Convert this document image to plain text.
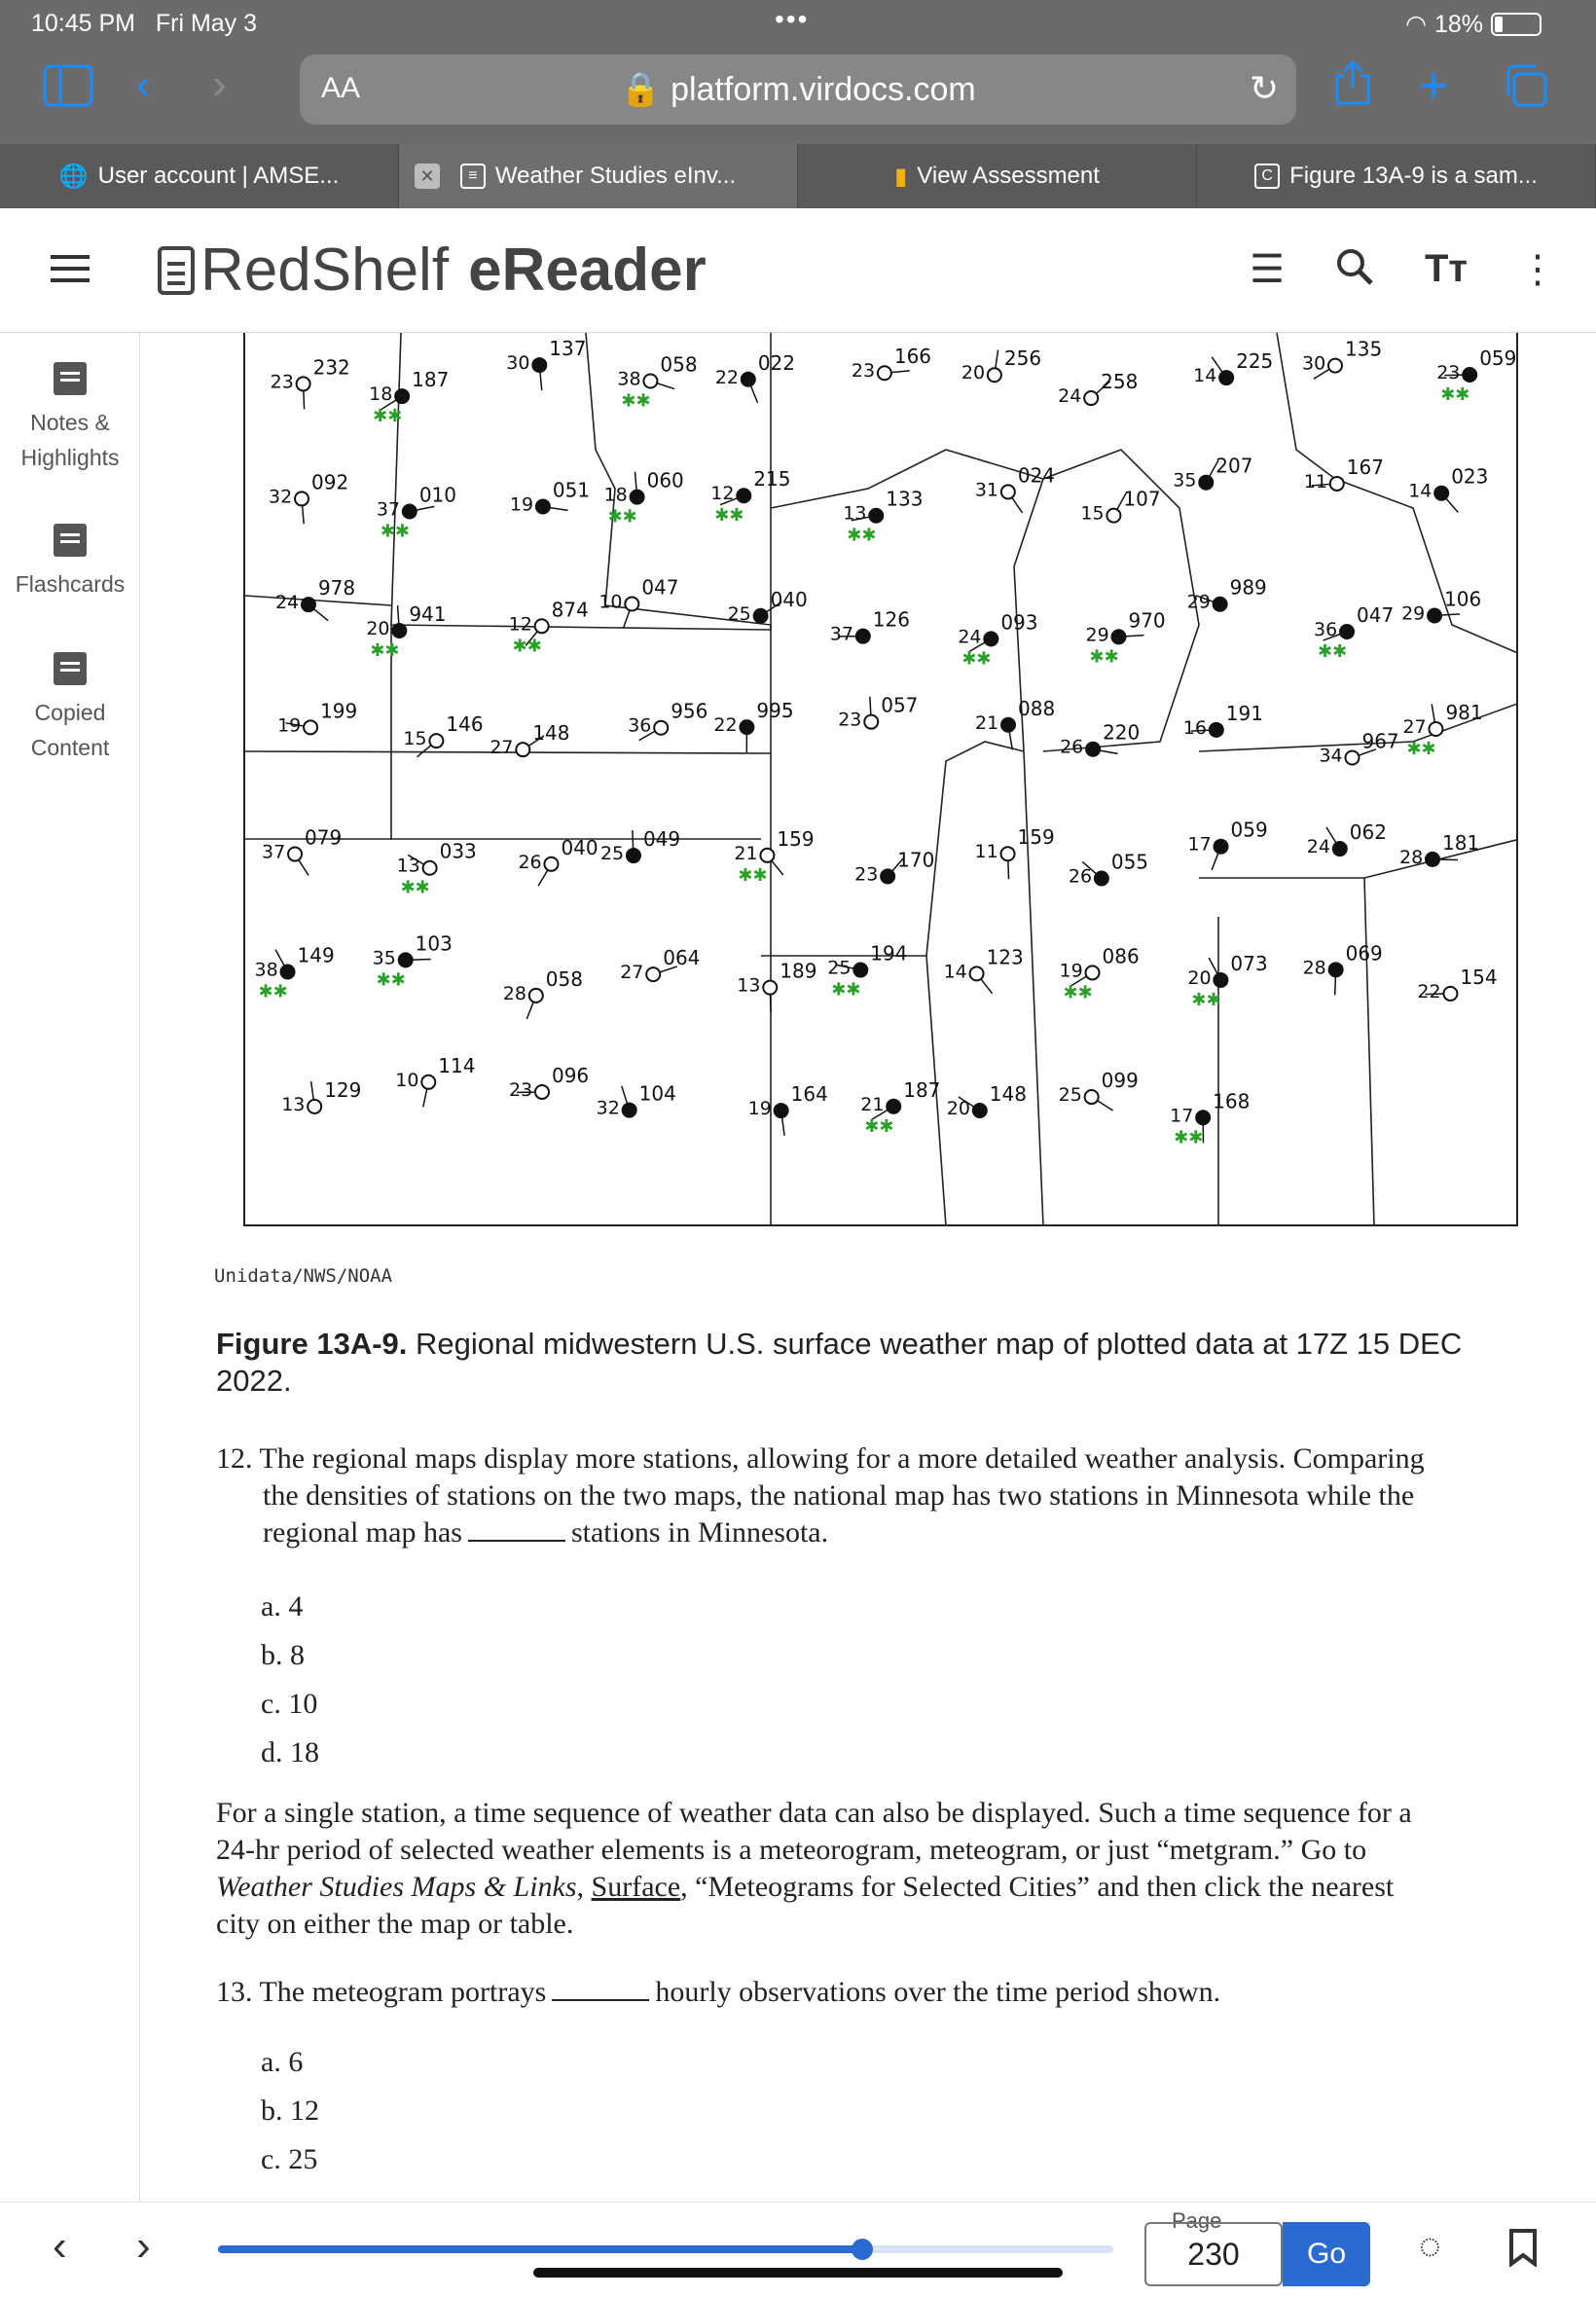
10:45 PM Fri May 3	•••	◠ 18%
‹ ›	AA	🔒 platform.virdocs.com	↻	+
🌐 User account | AMSE...	✕	≡ Weather Studies eInv...	▮ View Assessment	C Figure 13A-9 is a sam...
RedShelf eReader	☰	Tт ⋮
Notes &
Highlights
Flashcards
Copied
Content
232
23	187
18
✱✱
137
30	058
38
✱✱
022
22
166
23
256
20	258
24
225
14
135
30	059
23
✱✱
092
32	010
37
✱✱
051
19
060
18
✱✱
215
12
✱✱
133
13
✱✱
024
31	107
15
207
35
167
11	023
14
978
24	941
20
✱✱
874
12
✱✱
047
10	040
25	126
37
093
24
✱✱
970
29
✱✱
989
29
047
36
✱✱
106
29
199
19	146
15	148
27
956
36
995
22
057
23	088
21	220
26
191
16
967
34
981
27
✱✱
079
37	033
13
✱✱
040
26
049
25
159
21
✱✱
170
23
159
11	055
26
059
17
062
24	181
28
149
38
✱✱
103
35
✱✱	058
28
064
27	189
13
194
25
✱✱
123
14
086
19
✱✱
073
20
✱✱
069
28	154
22
129
13
114
10	096
23	104
32
164
19
187
21
✱✱
148
20
099
25	168
17
✱✱
Unidata/NWS/NOAA
Figure 13A-9. Regional midwestern U.S. surface weather map of plotted data at 17Z 15 DEC 2022.
12. The regional maps display more stations, allowing for a more detailed weather analysis. Comparing
the densities of stations on the two maps, the national map has two stations in Minnesota while the
regional map has	stations in Minnesota.
a. 4
b. 8
c. 10
d. 18
For a single station, a time sequence of weather data can also be displayed. Such a time sequence for a
24-hr period of selected weather elements is a meteorogram, meteogram, or just “metgram.” Go to
Weather Studies Maps & Links, Surface, “Meteograms for Selected Cities” and then click the nearest
city on either the map or table.
13. The meteogram portrays	hourly observations over the time period shown.
a. 6
b. 12
c. 25
‹ ›
Page
230	Go	◌
